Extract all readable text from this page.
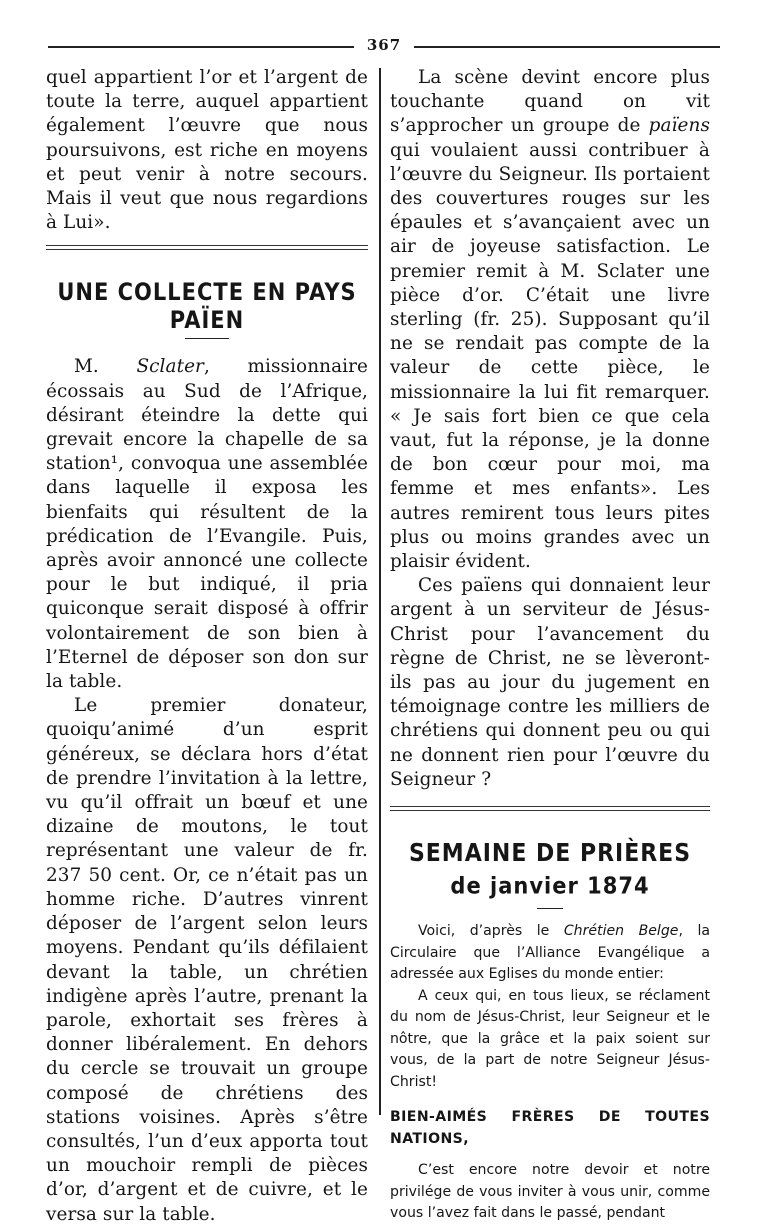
367

quel appartient l’or et l’argent de toute la terre, auquel appartient également l’œuvre que nous poursuivons, est riche en moyens et peut venir à notre secours. Mais il veut que nous regardions à Lui».

UNE COLLECTE EN PAYS PAÏEN

M. Sclater, missionnaire écossais au Sud de l’Afrique, désirant éteindre la dette qui grevait encore la chapelle de sa station¹, convoqua une assemblée dans laquelle il exposa les bienfaits qui résultent de la prédication de l’Evangile. Puis, après avoir annoncé une collecte pour le but indiqué, il pria quiconque serait disposé à offrir volontairement de son bien à l’Eternel de déposer son don sur la table.

Le premier donateur, quoiqu’animé d’un esprit généreux, se déclara hors d’état de prendre l’invitation à la lettre, vu qu’il offrait un bœuf et une dizaine de moutons, le tout représentant une valeur de fr. 237 50 cent. Or, ce n’était pas un homme riche. D’autres vinrent déposer de l’argent selon leurs moyens. Pendant qu’ils défilaient devant la table, un chrétien indigène après l’autre, prenant la parole, exhortait ses frères à donner libéralement. En dehors du cercle se trouvait un groupe composé de chrétiens des stations voisines. Après s’être consultés, l’un d’eux apporta tout un mouchoir rempli de pièces d’or, d’argent et de cuivre, et le versa sur la table.

La scène devint encore plus touchante quand on vit s’approcher un groupe de païens qui voulaient aussi contribuer à l’œuvre du Seigneur. Ils portaient des couvertures rouges sur les épaules et s’avançaient avec un air de joyeuse satisfaction. Le premier remit à M. Sclater une pièce d’or. C’était une livre sterling (fr. 25). Supposant qu’il ne se rendait pas compte de la valeur de cette pièce, le missionnaire la lui fit remarquer. « Je sais fort bien ce que cela vaut, fut la réponse, je la donne de bon cœur pour moi, ma femme et mes enfants». Les autres remirent tous leurs pites plus ou moins grandes avec un plaisir évident.

Ces païens qui donnaient leur argent à un serviteur de Jésus-Christ pour l’avancement du règne de Christ, ne se lèveront-ils pas au jour du jugement en témoignage contre les milliers de chrétiens qui donnent peu ou qui ne donnent rien pour l’œuvre du Seigneur ?

SEMAINE DE PRIÈRES
de janvier 1874

Voici, d’après le Chrétien Belge, la Circulaire que l’Alliance Evangélique a adressée aux Eglises du monde entier:

A ceux qui, en tous lieux, se réclament du nom de Jésus-Christ, leur Seigneur et le nôtre, que la grâce et la paix soient sur vous, de la part de notre Seigneur Jésus-Christ!

BIEN-AIMÉS FRÈRES DE TOUTES NATIONS,

C’est encore notre devoir et notre privilége de vous inviter à vous unir, comme vous l’avez fait dans le passé, pendant
